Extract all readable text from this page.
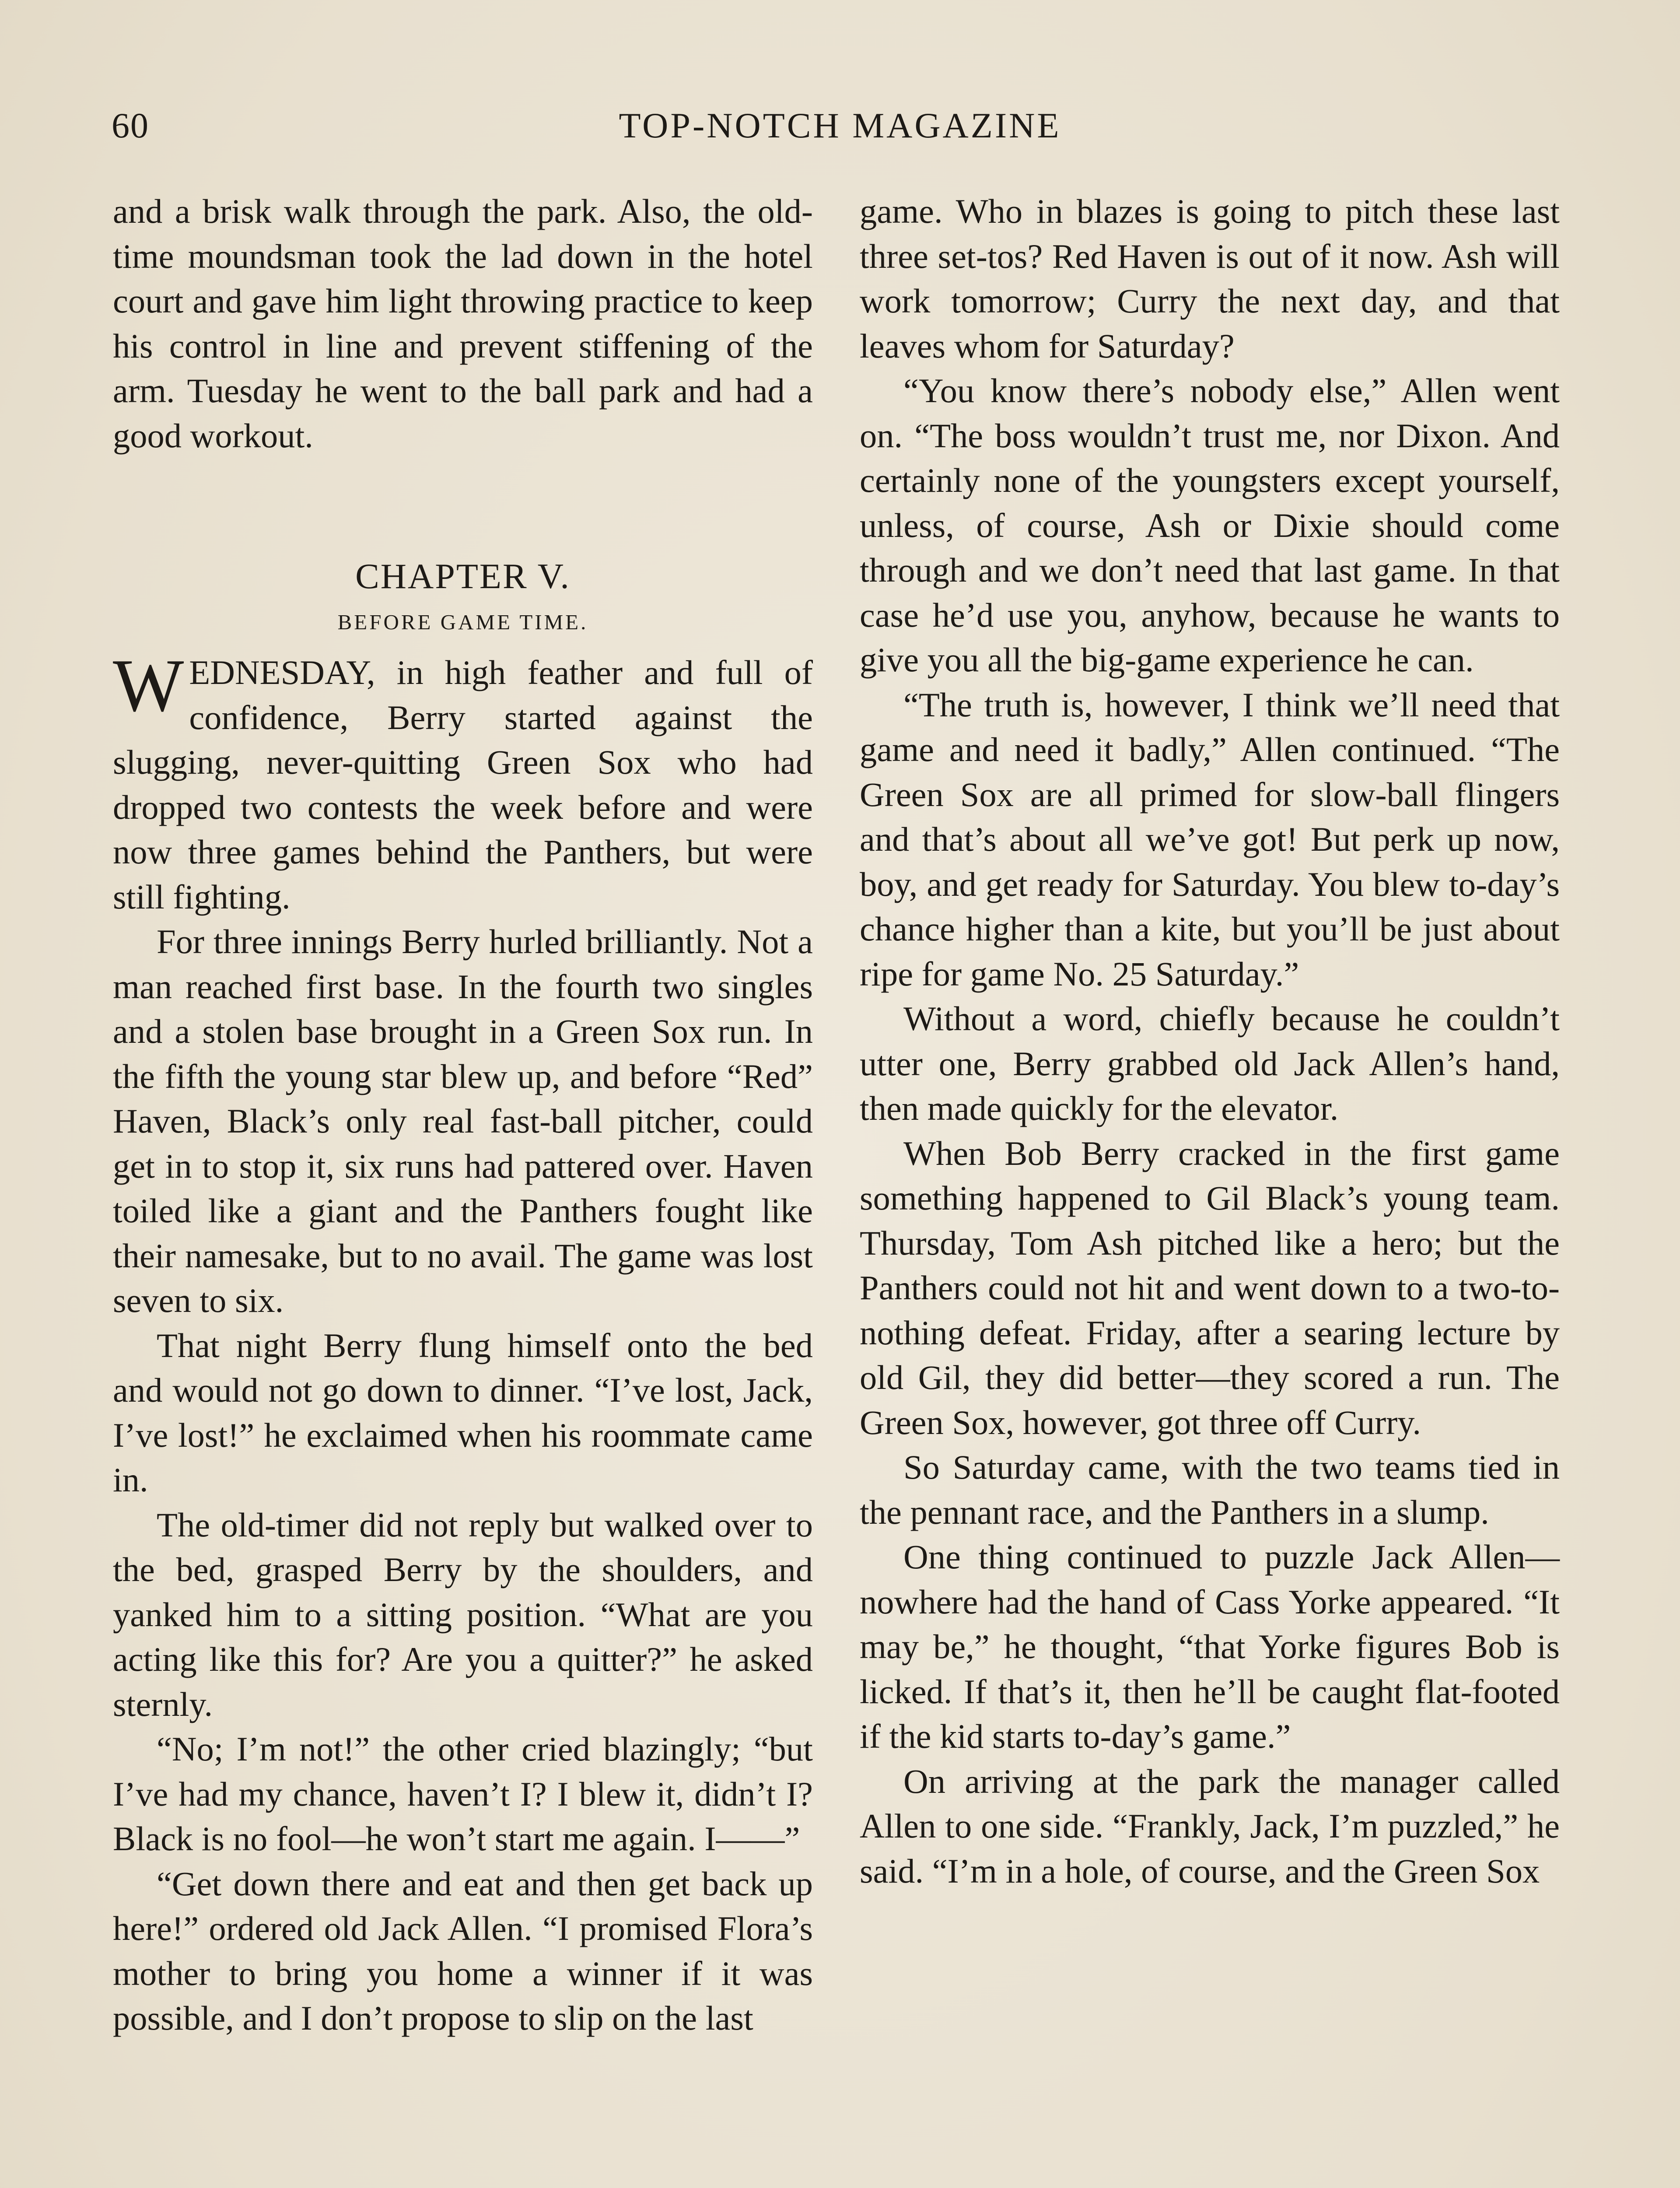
60	TOP-NOTCH MAGAZINE

and a brisk walk through the park. Also, the old-time moundsman took the lad down in the hotel court and gave him light throwing practice to keep his control in line and prevent stiffening of the arm. Tuesday he went to the ball park and had a good workout.

CHAPTER V.
BEFORE GAME TIME.

WEDNESDAY, in high feather and full of confidence, Berry started against the slugging, never-quitting Green Sox who had dropped two contests the week before and were now three games behind the Panthers, but were still fighting.

For three innings Berry hurled brilliantly. Not a man reached first base. In the fourth two singles and a stolen base brought in a Green Sox run. In the fifth the young star blew up, and before “Red” Haven, Black’s only real fast-ball pitcher, could get in to stop it, six runs had pattered over. Haven toiled like a giant and the Panthers fought like their namesake, but to no avail. The game was lost seven to six.

That night Berry flung himself onto the bed and would not go down to dinner. “I’ve lost, Jack, I’ve lost!” he exclaimed when his roommate came in.

The old-timer did not reply but walked over to the bed, grasped Berry by the shoulders, and yanked him to a sitting position. “What are you acting like this for? Are you a quitter?” he asked sternly.

“No; I’m not!” the other cried blazingly; “but I’ve had my chance, haven’t I? I blew it, didn’t I? Black is no fool—he won’t start me again. I——”

“Get down there and eat and then get back up here!” ordered old Jack Allen. “I promised Flora’s mother to bring you home a winner if it was possible, and I don’t propose to slip on the last

game. Who in blazes is going to pitch these last three set-tos? Red Haven is out of it now. Ash will work tomorrow; Curry the next day, and that leaves whom for Saturday?

“You know there’s nobody else,” Allen went on. “The boss wouldn’t trust me, nor Dixon. And certainly none of the youngsters except yourself, unless, of course, Ash or Dixie should come through and we don’t need that last game. In that case he’d use you, anyhow, because he wants to give you all the big-game experience he can.

“The truth is, however, I think we’ll need that game and need it badly,” Allen continued. “The Green Sox are all primed for slow-ball flingers and that’s about all we’ve got! But perk up now, boy, and get ready for Saturday. You blew to-day’s chance higher than a kite, but you’ll be just about ripe for game No. 25 Saturday.”

Without a word, chiefly because he couldn’t utter one, Berry grabbed old Jack Allen’s hand, then made quickly for the elevator.

When Bob Berry cracked in the first game something happened to Gil Black’s young team. Thursday, Tom Ash pitched like a hero; but the Panthers could not hit and went down to a two-to-nothing defeat. Friday, after a searing lecture by old Gil, they did better—they scored a run. The Green Sox, however, got three off Curry.

So Saturday came, with the two teams tied in the pennant race, and the Panthers in a slump.

One thing continued to puzzle Jack Allen—nowhere had the hand of Cass Yorke appeared. “It may be,” he thought, “that Yorke figures Bob is licked. If that’s it, then he’ll be caught flat-footed if the kid starts to-day’s game.”

On arriving at the park the manager called Allen to one side. “Frankly, Jack, I’m puzzled,” he said. “I’m in a hole, of course, and the Green Sox
